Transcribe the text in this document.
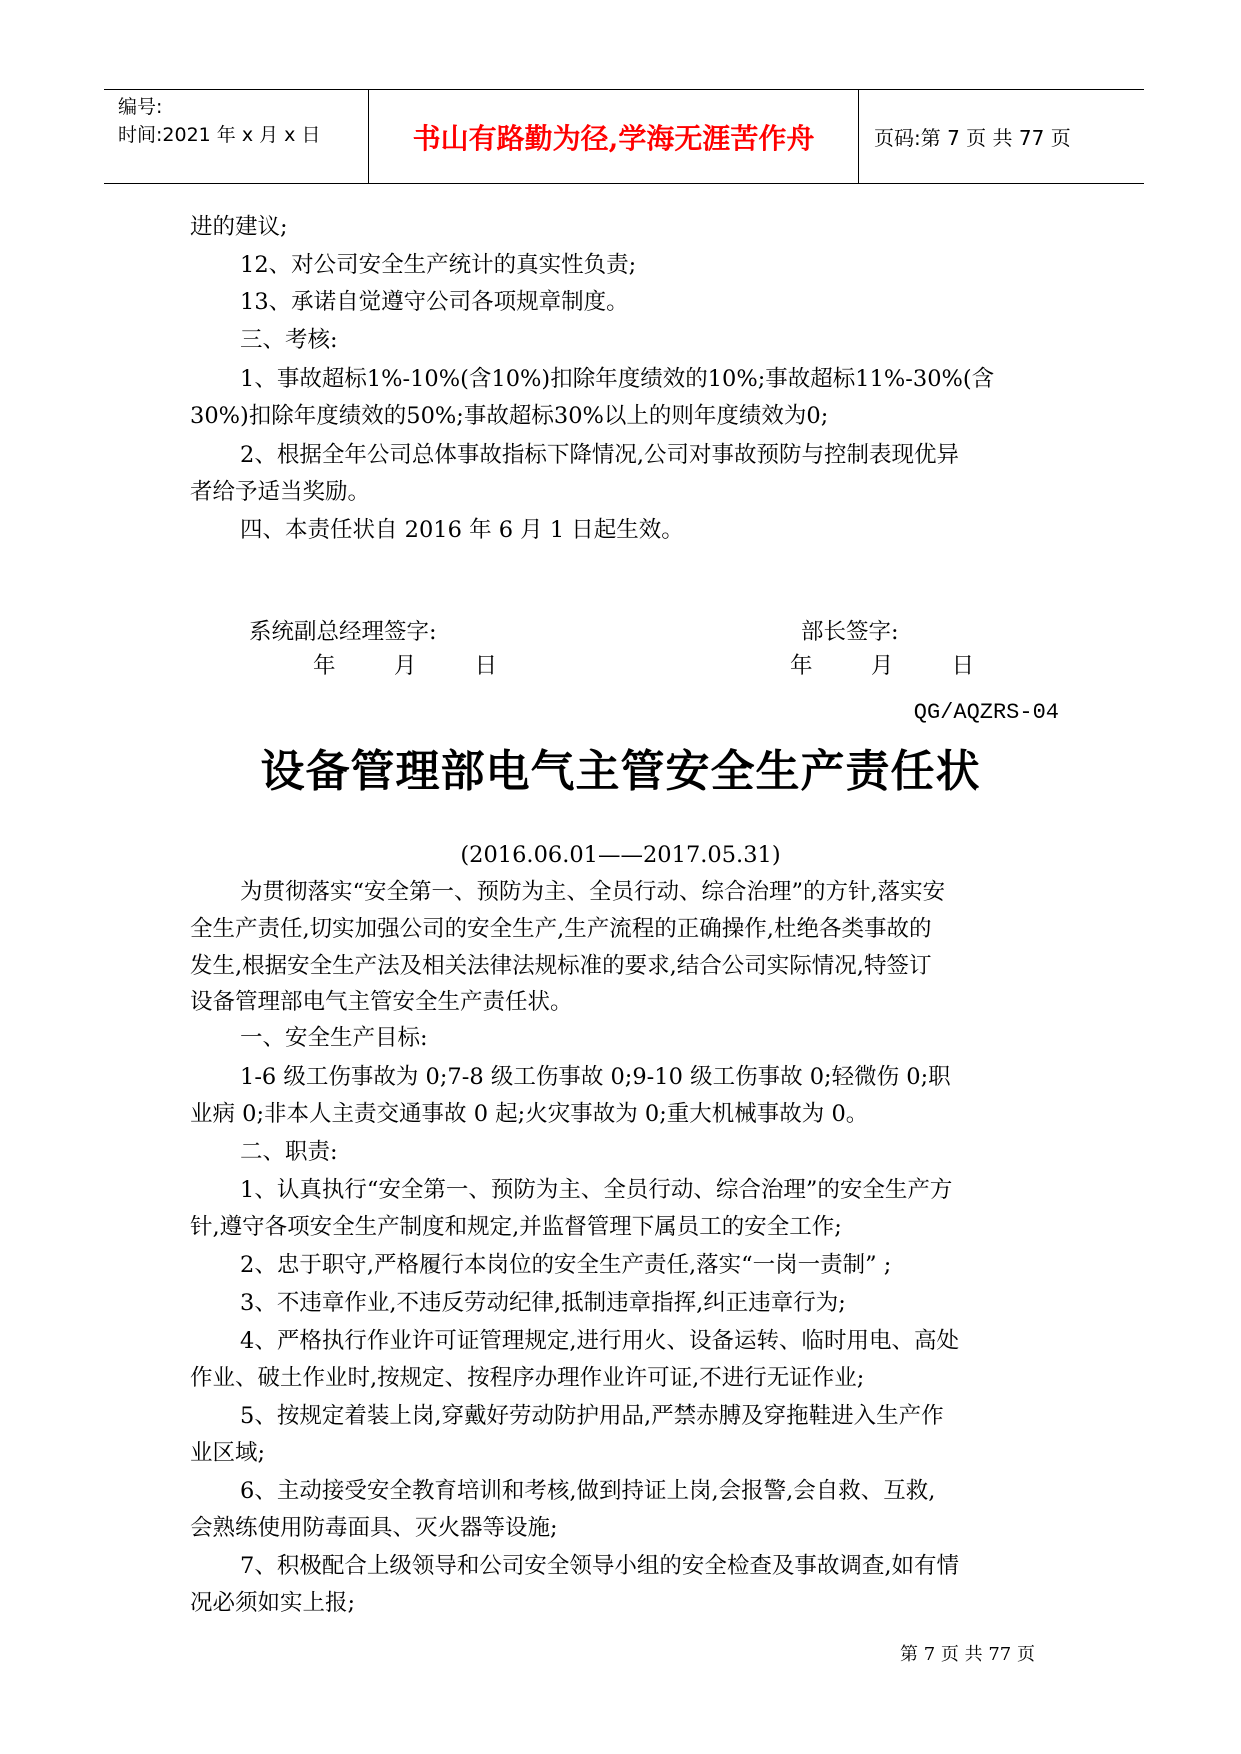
编号:
时间:2021 年 x 月 x 日	书山有路勤为径,学海无涯苦作舟	页码:第 7 页 共 77 页
进的建议;
12、对公司安全生产统计的真实性负责;
13、承诺自觉遵守公司各项规章制度。
三、考核:
1、事故超标1%-10%(含10%)扣除年度绩效的10%;事故超标11%-30%(含
30%)扣除年度绩效的50%;事故超标30%以上的则年度绩效为0;
2、根据全年公司总体事故指标下降情况,公司对事故预防与控制表现优异
者给予适当奖励。
四、本责任状自 2016 年 6 月 1 日起生效。
系统副总经理签字:	部长签字:
年	月	日	年	月	日
QG/AQZRS-04
设备管理部电气主管安全生产责任状
(2016.06.01——2017.05.31)
为贯彻落实“安全第一、预防为主、全员行动、综合治理”的方针,落实安
全生产责任,切实加强公司的安全生产,生产流程的正确操作,杜绝各类事故的
发生,根据安全生产法及相关法律法规标准的要求,结合公司实际情况,特签订
设备管理部电气主管安全生产责任状。
一、安全生产目标:
1-6 级工伤事故为 0;7-8 级工伤事故 0;9-10 级工伤事故 0;轻微伤 0;职
业病 0;非本人主责交通事故 0 起;火灾事故为 0;重大机械事故为 0。
二、职责:
1、认真执行“安全第一、预防为主、全员行动、综合治理”的安全生产方
针,遵守各项安全生产制度和规定,并监督管理下属员工的安全工作;
2、忠于职守,严格履行本岗位的安全生产责任,落实“一岗一责制” ;
3、不违章作业,不违反劳动纪律,抵制违章指挥,纠正违章行为;
4、严格执行作业许可证管理规定,进行用火、设备运转、临时用电、高处
作业、破土作业时,按规定、按程序办理作业许可证,不进行无证作业;
5、按规定着装上岗,穿戴好劳动防护用品,严禁赤膊及穿拖鞋进入生产作
业区域;
6、主动接受安全教育培训和考核,做到持证上岗,会报警,会自救、互救,
会熟练使用防毒面具、灭火器等设施;
7、积极配合上级领导和公司安全领导小组的安全检查及事故调查,如有情
况必须如实上报;
第 7 页 共 77 页
